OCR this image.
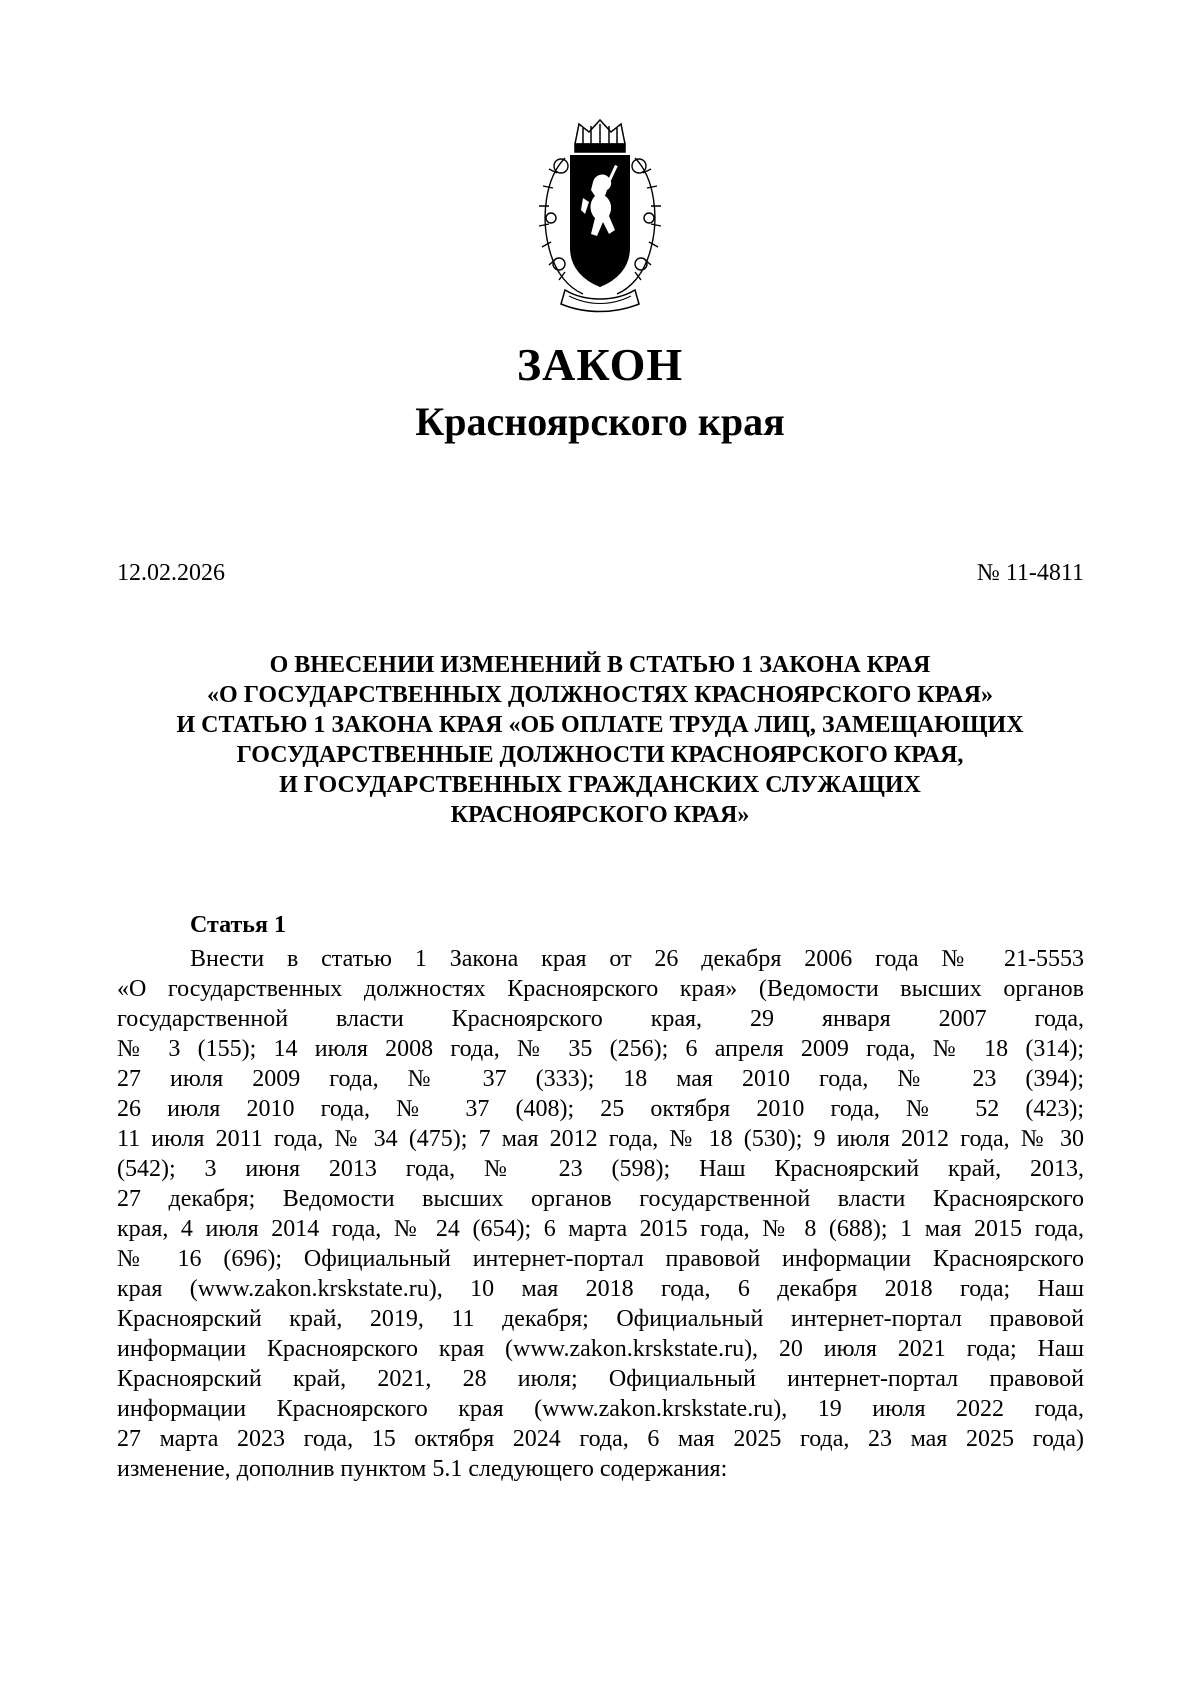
ЗАКОН
Красноярского края
12.02.2026	№ 11-4811
О ВНЕСЕНИИ ИЗМЕНЕНИЙ В СТАТЬЮ 1 ЗАКОНА КРАЯ
«О ГОСУДАРСТВЕННЫХ ДОЛЖНОСТЯХ КРАСНОЯРСКОГО КРАЯ»
И СТАТЬЮ 1 ЗАКОНА КРАЯ «ОБ ОПЛАТЕ ТРУДА ЛИЦ, ЗАМЕЩАЮЩИХ
ГОСУДАРСТВЕННЫЕ ДОЛЖНОСТИ КРАСНОЯРСКОГО КРАЯ,
И ГОСУДАРСТВЕННЫХ ГРАЖДАНСКИХ СЛУЖАЩИХ
КРАСНОЯРСКОГО КРАЯ»
Статья 1
Внести в статью 1 Закона края от 26 декабря 2006 года № 21-5553
«О государственных должностях Красноярского края» (Ведомости высших органов
государственной власти Красноярского края, 29 января 2007 года,
№ 3 (155); 14 июля 2008 года, № 35 (256); 6 апреля 2009 года, № 18 (314);
27 июля 2009 года, № 37 (333); 18 мая 2010 года, № 23 (394);
26 июля 2010 года, № 37 (408); 25 октября 2010 года, № 52 (423);
11 июля 2011 года, № 34 (475); 7 мая 2012 года, № 18 (530); 9 июля 2012 года, № 30
(542); 3 июня 2013 года, № 23 (598); Наш Красноярский край, 2013,
27 декабря; Ведомости высших органов государственной власти Красноярского
края, 4 июля 2014 года, № 24 (654); 6 марта 2015 года, № 8 (688); 1 мая 2015 года,
№ 16 (696); Официальный интернет-портал правовой информации Красноярского
края (www.zakon.krskstate.ru), 10 мая 2018 года, 6 декабря 2018 года; Наш
Красноярский край, 2019, 11 декабря; Официальный интернет-портал правовой
информации Красноярского края (www.zakon.krskstate.ru), 20 июля 2021 года; Наш
Красноярский край, 2021, 28 июля; Официальный интернет-портал правовой
информации Красноярского края (www.zakon.krskstate.ru), 19 июля 2022 года,
27 марта 2023 года, 15 октября 2024 года, 6 мая 2025 года, 23 мая 2025 года)
изменение, дополнив пунктом 5.1 следующего содержания:
